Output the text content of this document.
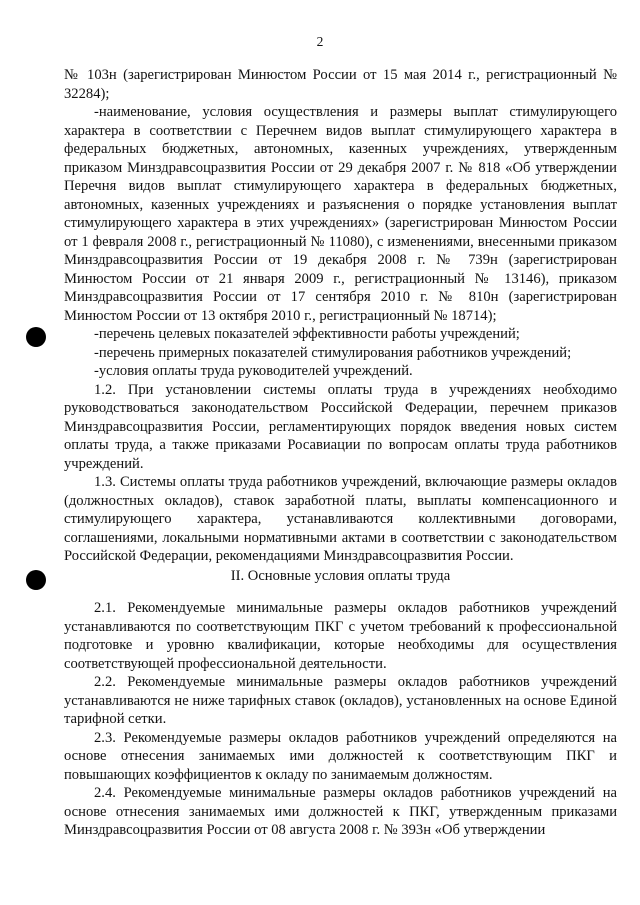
2

№ 103н (зарегистрирован Минюстом России от 15 мая 2014 г., регистрационный № 32284);

-наименование, условия осуществления и размеры выплат стимулирующего характера в соответствии с Перечнем видов выплат стимулирующего характера в федеральных бюджетных, автономных, казенных учреждениях, утвержденным приказом Минздравсоцразвития России от 29 декабря 2007 г. № 818 «Об утверждении Перечня видов выплат стимулирующего характера в федеральных бюджетных, автономных, казенных учреждениях и разъяснения о порядке установления выплат стимулирующего характера в этих учреждениях» (зарегистрирован Минюстом России от 1 февраля 2008 г., регистрационный № 11080), с изменениями, внесенными приказом Минздравсоцразвития России от 19 декабря 2008 г. № 739н (зарегистрирован Минюстом России от 21 января 2009 г., регистрационный № 13146), приказом Минздравсоцразвития России от 17 сентября 2010 г. № 810н (зарегистрирован Минюстом России от 13 октября 2010 г., регистрационный № 18714);

-перечень целевых показателей эффективности работы учреждений;

-перечень примерных показателей стимулирования работников учреждений;

-условия оплаты труда руководителей учреждений.

1.2. При установлении системы оплаты труда в учреждениях необходимо руководствоваться законодательством Российской Федерации, перечнем приказов Минздравсоцразвития России, регламентирующих порядок введения новых систем оплаты труда, а также приказами Росавиации по вопросам оплаты труда работников учреждений.

1.3. Системы оплаты труда работников учреждений, включающие размеры окладов (должностных окладов), ставок заработной платы, выплаты компенсационного и стимулирующего характера, устанавливаются коллективными договорами, соглашениями, локальными нормативными актами в соответствии с законодательством Российской Федерации, рекомендациями Минздравсоцразвития России.

II. Основные условия оплаты труда

2.1. Рекомендуемые минимальные размеры окладов работников учреждений устанавливаются по соответствующим ПКГ с учетом требований к профессиональной подготовке и уровню квалификации, которые необходимы для осуществления соответствующей профессиональной деятельности.

2.2. Рекомендуемые минимальные размеры окладов работников учреждений устанавливаются не ниже тарифных ставок (окладов), установленных на основе Единой тарифной сетки.

2.3. Рекомендуемые размеры окладов работников учреждений определяются на основе отнесения занимаемых ими должностей к соответствующим ПКГ и повышающих коэффициентов к окладу по занимаемым должностям.

2.4. Рекомендуемые минимальные размеры окладов работников учреждений на основе отнесения занимаемых ими должностей к ПКГ, утвержденным приказами Минздравсоцразвития России от 08 августа 2008 г. № 393н «Об утверждении
